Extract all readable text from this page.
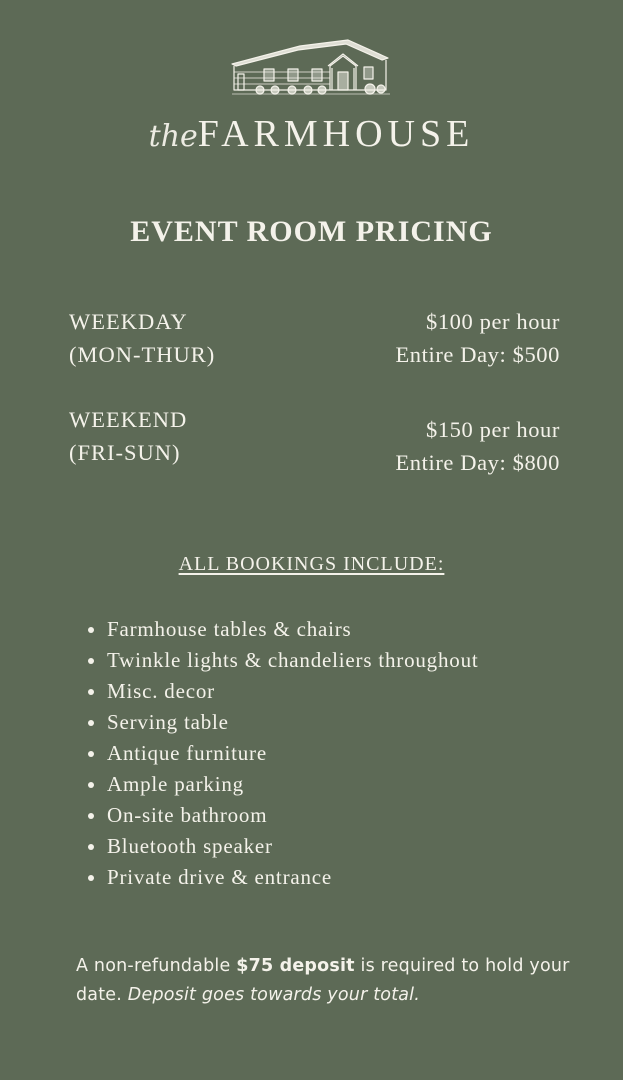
theFARMHOUSE
EVENT ROOM PRICING
WEEKDAY
(MON-THUR)
$100 per hour
Entire Day: $500
WEEKEND
(FRI-SUN)
$150 per hour
Entire Day: $800
ALL BOOKINGS INCLUDE:
Farmhouse tables & chairs
Twinkle lights & chandeliers throughout
Misc. decor
Serving table
Antique furniture
Ample parking
On-site bathroom
Bluetooth speaker
Private drive & entrance
A non-refundable $75 deposit is required to hold your date. Deposit goes towards your total.
